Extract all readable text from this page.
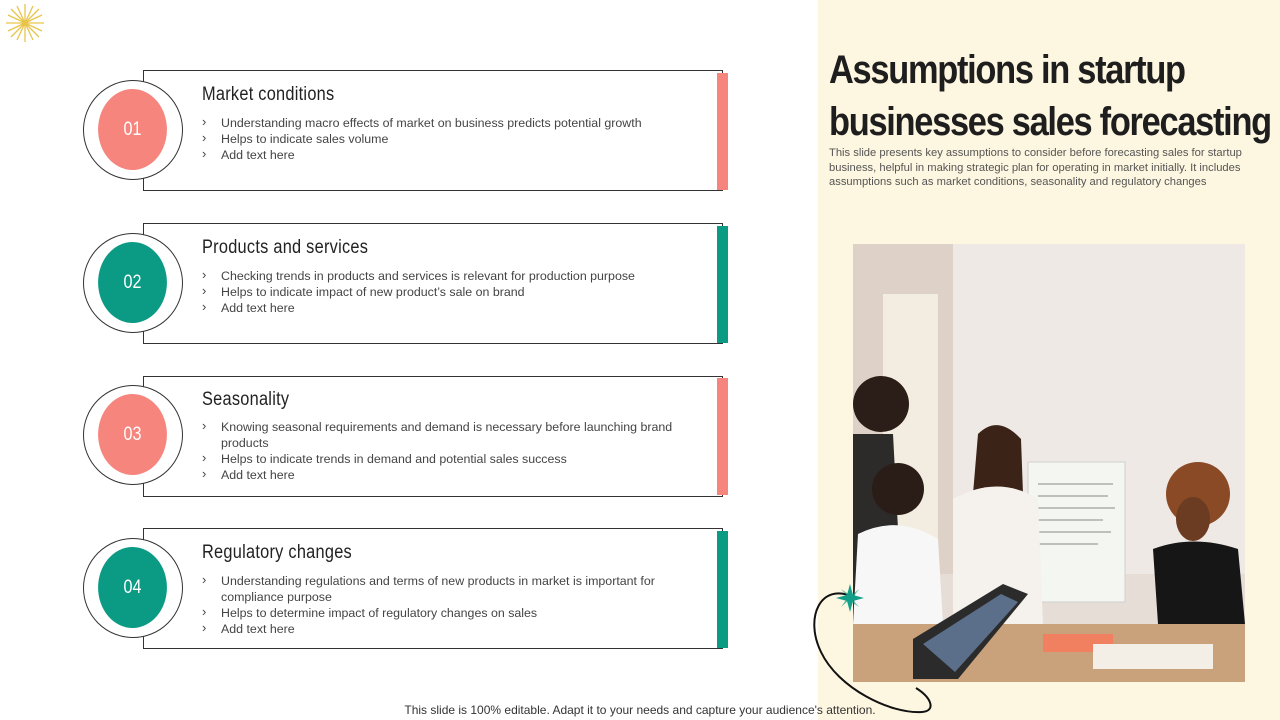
Assumptions in startup
businesses sales forecasting

This slide presents key assumptions to consider before forecasting sales for startup business, helpful in making strategic plan for operating in market initially. It includes assumptions such as market conditions, seasonality and regulatory changes

01
Market conditions
› Understanding macro effects of market on business predicts potential growth
› Helps to indicate sales volume
› Add text here
02
Products and services
› Checking trends in products and services is relevant for production purpose
› Helps to indicate impact of new product’s sale on brand
› Add text here
03
Seasonality
› Knowing seasonal requirements and demand is necessary before launching brand products
› Helps to indicate trends in demand and potential sales success
› Add text here
04
Regulatory changes
› Understanding regulations and terms of new products in market is important for compliance purpose
› Helps to determine impact of regulatory changes on sales
› Add text here
This slide is 100% editable. Adapt it to your needs and capture your audience's attention.
